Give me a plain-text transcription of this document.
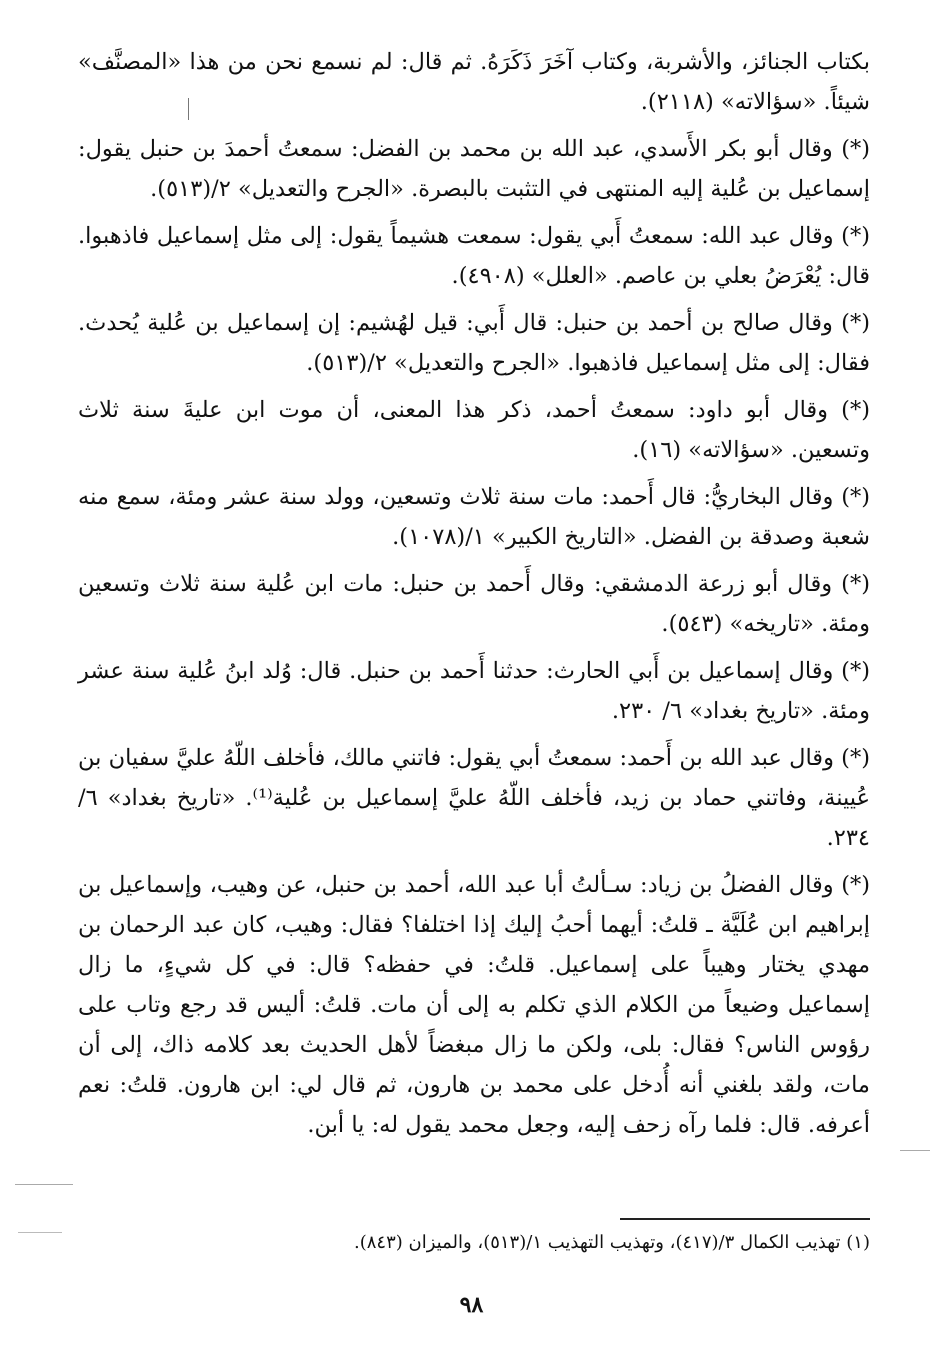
بكتاب الجنائز، والأشربة، وكتاب آخَرَ ذَكَرَهُ. ثم قال: لم نسمع نحن من هذا «المصنَّف» شيئاً. «سؤالاته» (٢١١٨).

(*) وقال أبو بكر الأَسدي، عبد الله بن محمد بن الفضل: سمعتُ أحمدَ بن حنبل يقول: إسماعيل بن عُلية إليه المنتهى في التثبت بالبصرة. «الجرح والتعديل» ٢/(٥١٣).

(*) وقال عبد الله: سمعتُ أَبي يقول: سمعت هشيماً يقول: إلى مثل إسماعيل فاذهبوا. قال: يُعْرَضُ بعلي بن عاصم. «العلل» (٤٩٠٨).

(*) وقال صالح بن أحمد بن حنبل: قال أَبي: قيل لهُشيم: إن إسماعيل بن عُلية يُحدث. فقال: إلى مثل إسماعيل فاذهبوا. «الجرح والتعديل» ٢/(٥١٣).

(*) وقال أبو داود: سمعتُ أحمد، ذكر هذا المعنى، أن موت ابن عليةَ سنة ثلاث وتسعين. «سؤالاته» (١٦).

(*) وقال البخاريُّ: قال أَحمد: مات سنة ثلاث وتسعين، وولد سنة عشر ومئة، سمع منه شعبة وصدقة بن الفضل. «التاريخ الكبير» ١/(١٠٧٨).

(*) وقال أبو زرعة الدمشقي: وقال أَحمد بن حنبل: مات ابن عُلية سنة ثلاث وتسعين ومئة. «تاريخه» (٥٤٣).

(*) وقال إسماعيل بن أَبي الحارث: حدثنا أَحمد بن حنبل. قال: وُلد ابنُ عُلية سنة عشر ومئة. «تاريخ بغداد» ٦/ ٢٣٠.

(*) وقال عبد الله بن أَحمد: سمعتُ أبي يقول: فاتني مالك، فأخلف اللّهُ عليَّ سفيان بن عُيينة، وفاتني حماد بن زيد، فأخلف اللّهُ عليَّ إسماعيل بن عُلية⁽¹⁾. «تاريخ بغداد» ٦/ ٢٣٤.

(*) وقال الفضلُ بن زياد: سـألتُ أبا عبد الله، أحمد بن حنبل، عن وهيب، وإسماعيل بن إبراهيم ابن عُلَيَّة ـ قلتُ: أيهما أحبُ إليك إذا اختلفا؟ فقال: وهيب، كان عبد الرحمان بن مهدي يختار وهيباً على إسماعيل. قلتُ: في حفظه؟ قال: في كل شيءٍ، ما زال إسماعيل وضيعاً من الكلام الذي تكلم به إلى أن مات. قلتُ: أليس قد رجع وتاب على رؤوس الناس؟ فقال: بلى، ولكن ما زال مبغضاً لأهل الحديث بعد كلامه ذاك، إلى أن مات، ولقد بلغني أنه أُدخل على محمد بن هارون، ثم قال لي: ابن هارون. قلتُ: نعم أعرفه. قال: فلما رآه زحف إليه، وجعل محمد يقول له: يا أبن.

(١) تهذيب الكمال ٣/(٤١٧)، وتهذيب التهذيب ١/(٥١٣)، والميزان (٨٤٣).
٩٨
